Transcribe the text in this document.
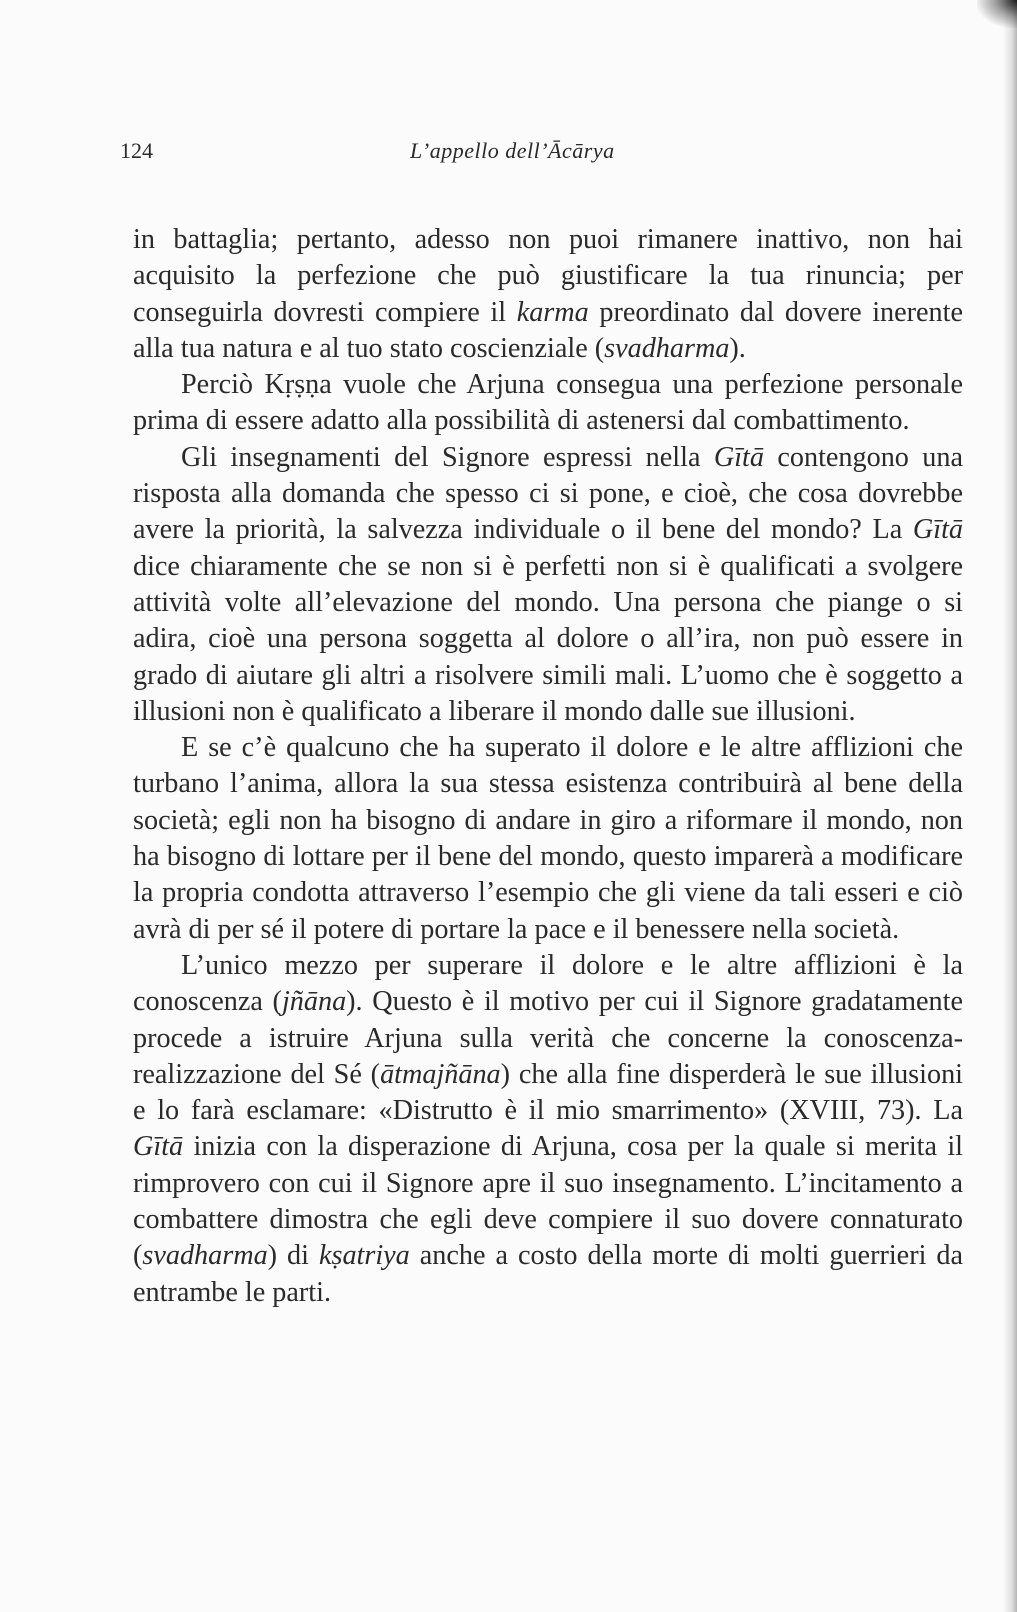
124	L’appello dell’Ācārya

in battaglia; pertanto, adesso non puoi rimanere inattivo, non hai acquisito la perfezione che può giustificare la tua rinuncia; per conseguirla dovresti compiere il karma preordinato dal dovere inerente alla tua natura e al tuo stato coscienziale (svadharma).

Perciò Kṛṣṇa vuole che Arjuna consegua una perfezione personale prima di essere adatto alla possibilità di astenersi dal combattimento.

Gli insegnamenti del Signore espressi nella Gītā contengono una risposta alla domanda che spesso ci si pone, e cioè, che cosa dovrebbe avere la priorità, la salvezza individuale o il bene del mondo? La Gītā dice chiaramente che se non si è perfetti non si è qualificati a svolgere attività volte all’elevazione del mondo. Una persona che piange o si adira, cioè una persona soggetta al dolore o all’ira, non può essere in grado di aiutare gli altri a risolvere simili mali. L’uomo che è soggetto a illusioni non è qualificato a liberare il mondo dalle sue illusioni.

E se c’è qualcuno che ha superato il dolore e le altre afflizioni che turbano l’anima, allora la sua stessa esistenza contribuirà al bene della società; egli non ha bisogno di andare in giro a riformare il mondo, non ha bisogno di lottare per il bene del mondo, questo imparerà a modificare la propria condotta attraverso l’esempio che gli viene da tali esseri e ciò avrà di per sé il potere di portare la pace e il benessere nella società.

L’unico mezzo per superare il dolore e le altre afflizioni è la conoscenza (jñāna). Questo è il motivo per cui il Signore gradatamente procede a istruire Arjuna sulla verità che concerne la conoscenza-realizzazione del Sé (ātmajñāna) che alla fine disperderà le sue illusioni e lo farà esclamare: «Distrutto è il mio smarrimento» (XVIII, 73). La Gītā inizia con la disperazione di Arjuna, cosa per la quale si merita il rimprovero con cui il Signore apre il suo insegnamento. L’incitamento a combattere dimostra che egli deve compiere il suo dovere connaturato (svadharma) di kṣatriya anche a costo della morte di molti guerrieri da entrambe le parti.
